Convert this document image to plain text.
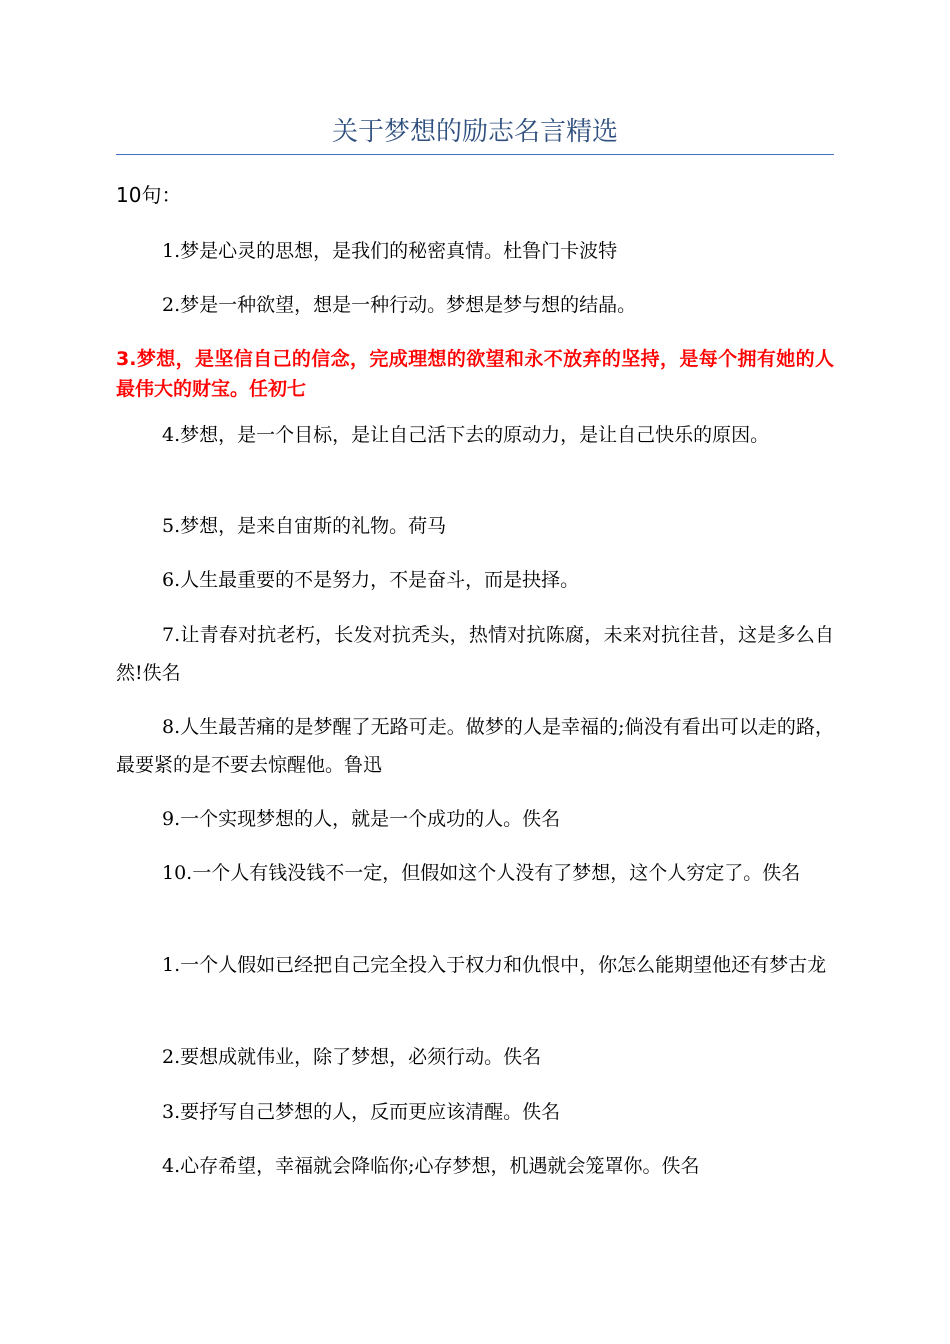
关于梦想的励志名言精选
10句：

1.梦是心灵的思想，是我们的秘密真情。杜鲁门卡波特

2.梦是一种欲望，想是一种行动。梦想是梦与想的结晶。

3.梦想，是坚信自己的信念，完成理想的欲望和永不放弃的坚持，是每个拥有她的人最伟大的财宝。任初七

4.梦想，是一个目标，是让自己活下去的原动力，是让自己快乐的原因。

5.梦想，是来自宙斯的礼物。荷马

6.人生最重要的不是努力，不是奋斗，而是抉择。

7.让青春对抗老朽，长发对抗秃头，热情对抗陈腐，未来对抗往昔，这是多么自然!佚名

8.人生最苦痛的是梦醒了无路可走。做梦的人是幸福的;倘没有看出可以走的路，最要紧的是不要去惊醒他。鲁迅

9.一个实现梦想的人，就是一个成功的人。佚名

10.一个人有钱没钱不一定，但假如这个人没有了梦想，这个人穷定了。佚名

1.一个人假如已经把自己完全投入于权力和仇恨中，你怎么能期望他还有梦古龙

2.要想成就伟业，除了梦想，必须行动。佚名

3.要抒写自己梦想的人，反而更应该清醒。佚名

4.心存希望，幸福就会降临你;心存梦想，机遇就会笼罩你。佚名
